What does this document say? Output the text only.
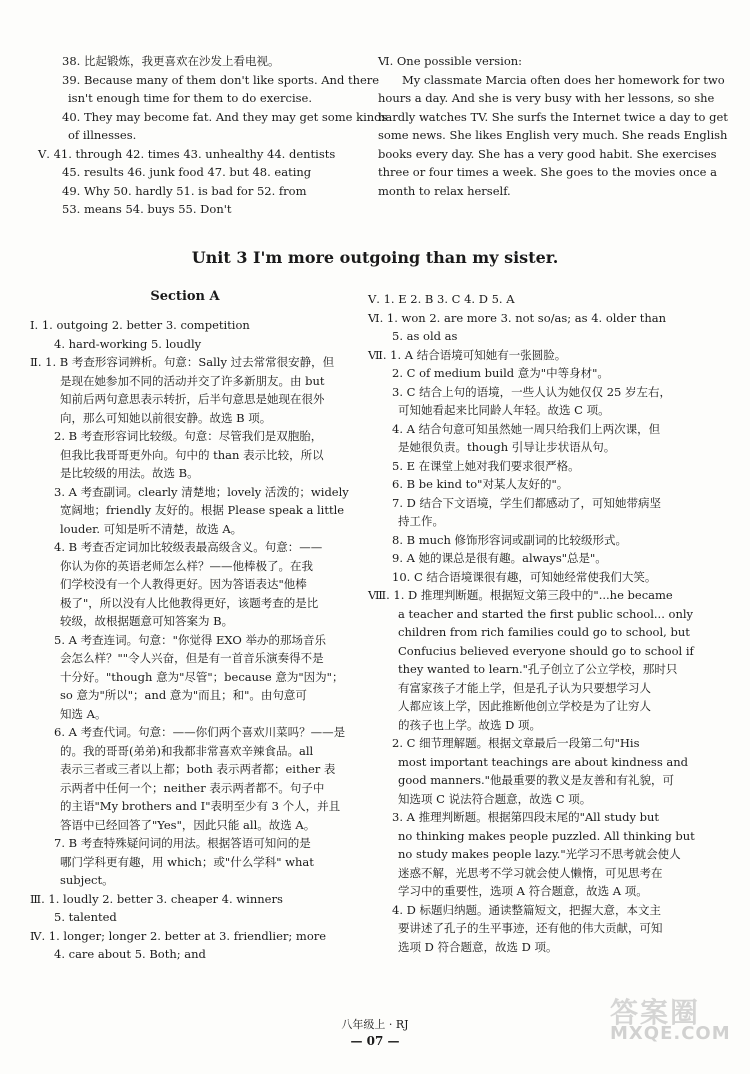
38. 比起锻炼，我更喜欢在沙发上看电视。
39. Because many of them don't like sports. And there
isn't enough time for them to do exercise.
40. They may become fat. And they may get some kinds
of illnesses.
Ⅴ. 41. through 42. times 43. unhealthy 44. dentists
45. results 46. junk food 47. but 48. eating
49. Why 50. hardly 51. is bad for 52. from
53. means 54. buys 55. Don't
Ⅵ. One possible version:
My classmate Marcia often does her homework for two
hours a day. And she is very busy with her lessons, so she
hardly watches TV. She surfs the Internet twice a day to get
some news. She likes English very much. She reads English
books every day. She has a very good habit. She exercises
three or four times a week. She goes to the movies once a
month to relax herself.
Unit 3 I'm more outgoing than my sister.
Section A
Ⅰ. 1. outgoing 2. better 3. competition
4. hard-working 5. loudly
Ⅱ. 1. B 考查形容词辨析。句意：Sally 过去常常很安静，但
是现在她参加不同的活动并交了许多新朋友。由 but
知前后两句意思表示转折，后半句意思是她现在很外
向，那么可知她以前很安静。故选 B 项。
2. B 考查形容词比较级。句意：尽管我们是双胞胎，
但我比我哥哥更外向。句中的 than 表示比较，所以
是比较级的用法。故选 B。
3. A 考查副词。clearly 清楚地；lovely 活泼的；widely
宽阔地；friendly 友好的。根据 Please speak a little
louder. 可知是听不清楚，故选 A。
4. B 考查否定词加比较级表最高级含义。句意：——
你认为你的英语老师怎么样？——他棒极了。在我
们学校没有一个人教得更好。因为答语表达"他棒
极了"，所以没有人比他教得更好，该题考查的是比
较级，故根据题意可知答案为 B。
5. A 考查连词。句意："你觉得 EXO 举办的那场音乐
会怎么样？""令人兴奋，但是有一首音乐演奏得不是
十分好。"though 意为"尽管"；because 意为"因为"；
so 意为"所以"；and 意为"而且；和"。由句意可
知选 A。
6. A 考查代词。句意：——你们两个喜欢川菜吗？——是
的。我的哥哥(弟弟)和我都非常喜欢辛辣食品。all
表示三者或三者以上都；both 表示两者都；either 表
示两者中任何一个；neither 表示两者都不。句子中
的主语"My brothers and I"表明至少有 3 个人，并且
答语中已经回答了"Yes"，因此只能 all。故选 A。
7. B 考查特殊疑问词的用法。根据答语可知问的是
哪门学科更有趣，用 which；或"什么学科" what
subject。
Ⅲ. 1. loudly 2. better 3. cheaper 4. winners
5. talented
Ⅳ. 1. longer; longer 2. better at 3. friendlier; more
4. care about 5. Both; and
Ⅴ. 1. E 2. B 3. C 4. D 5. A
Ⅵ. 1. won 2. are more 3. not so/as; as 4. older than
5. as old as
Ⅶ. 1. A 结合语境可知她有一张圆脸。
2. C of medium build 意为"中等身材"。
3. C 结合上句的语境，一些人认为她仅仅 25 岁左右，
可知她看起来比同龄人年轻。故选 C 项。
4. A 结合句意可知虽然她一周只给我们上两次课，但
是她很负责。though 引导让步状语从句。
5. E 在课堂上她对我们要求很严格。
6. B be kind to"对某人友好的"。
7. D 结合下文语境，学生们都感动了，可知她带病坚
持工作。
8. B much 修饰形容词或副词的比较级形式。
9. A 她的课总是很有趣。always"总是"。
10. C 结合语境课很有趣，可知她经常使我们大笑。
Ⅷ. 1. D 推理判断题。根据短文第三段中的"...he became
a teacher and started the first public school... only
children from rich families could go to school, but
Confucius believed everyone should go to school if
they wanted to learn."孔子创立了公立学校，那时只
有富家孩子才能上学，但是孔子认为只要想学习人
人都应该上学，因此推断他创立学校是为了让穷人
的孩子也上学。故选 D 项。
2. C 细节理解题。根据文章最后一段第二句"His
most important teachings are about kindness and
good manners."他最重要的教义是友善和有礼貌，可
知选项 C 说法符合题意，故选 C 项。
3. A 推理判断题。根据第四段末尾的"All study but
no thinking makes people puzzled. All thinking but
no study makes people lazy."光学习不思考就会使人
迷惑不解，光思考不学习就会使人懒惰，可见思考在
学习中的重要性，选项 A 符合题意，故选 A 项。
4. D 标题归纳题。通读整篇短文，把握大意，本文主
要讲述了孔子的生平事迹，还有他的伟大贡献，可知
选项 D 符合题意，故选 D 项。
八年级上 · RJ
— 07 —
答案圈
MXQE.COM
